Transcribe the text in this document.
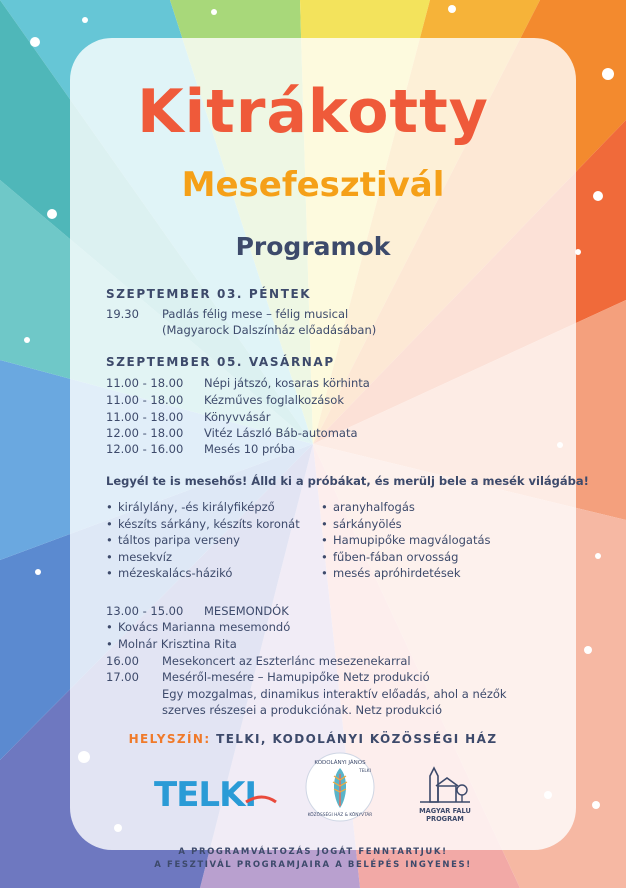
Kitrákotty
Mesefesztivál
Programok
SZEPTEMBER 03. PÉNTEK
19.30 Padlás félig mese – félig musical
(Magyarock Dalszínház előadásában)
SZEPTEMBER 05. VASÁRNAP
11.00 - 18.00 Népi játszó, kosaras körhinta
11.00 - 18.00 Kézműves foglalkozások
11.00 - 18.00 Könyvvásár
12.00 - 18.00 Vitéz László Báb-automata
12.00 - 16.00 Mesés 10 próba
Legyél te is mesehős! Álld ki a próbákat, és merülj bele a mesék világába!
• királylány, -és királyfiképző
• készíts sárkány, készíts koronát
• táltos paripa verseny
• mesekvíz
• mézeskalács-házikó
• aranyhalfogás
• sárkányölés
• Hamupipőke magválogatás
• fűben-fában orvosság
• mesés apróhirdetések
13.00 - 15.00 MESEMONDÓK
• Kovács Marianna mesemondó
• Molnár Krisztina Rita
16.00 Mesekoncert az Eszterlánc mesezenekarral
17.00 Meséről-mesére – Hamupipőke Netz produkció
Egy mozgalmas, dinamikus interaktív előadás, ahol a nézők
szerves részesei a produkciónak. Netz produkció
HELYSZÍN: TELKI, KODOLÁNYI KÖZÖSSÉGI HÁZ
TELKI
KODOLÁNYI JÁNOS
KÖZÖSSÉGI HÁZ & KÖNYVTÁR
TELKI
MAGYAR FALU
PROGRAM
A PROGRAMVÁLTOZÁS JOGÁT FENNTARTJUK!
A FESZTIVÁL PROGRAMJAIRA A BELÉPÉS INGYENES!
